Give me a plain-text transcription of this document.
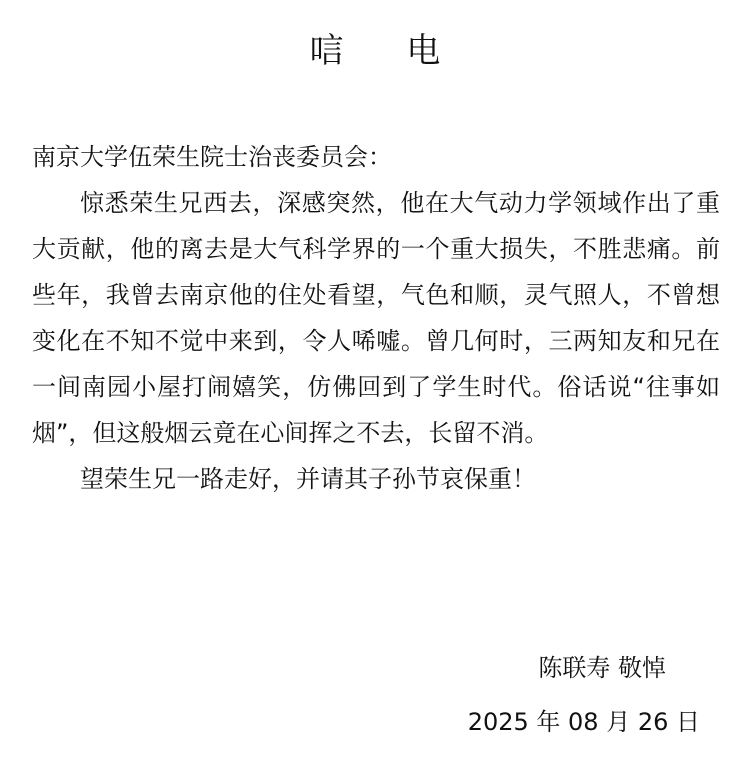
唁 电

南京大学伍荣生院士治丧委员会：

惊悉荣生兄西去，深感突然，他在大气动力学领域作出了重大贡献，他的离去是大气科学界的一个重大损失，不胜悲痛。前些年，我曾去南京他的住处看望，气色和顺，灵气照人，不曾想变化在不知不觉中来到，令人唏嘘。曾几何时，三两知友和兄在一间南园小屋打闹嬉笑，仿佛回到了学生时代。俗话说“往事如烟”，但这般烟云竟在心间挥之不去，长留不消。

望荣生兄一路走好，并请其子孙节哀保重！

陈联寿 敬悼
2025 年 08 月 26 日
